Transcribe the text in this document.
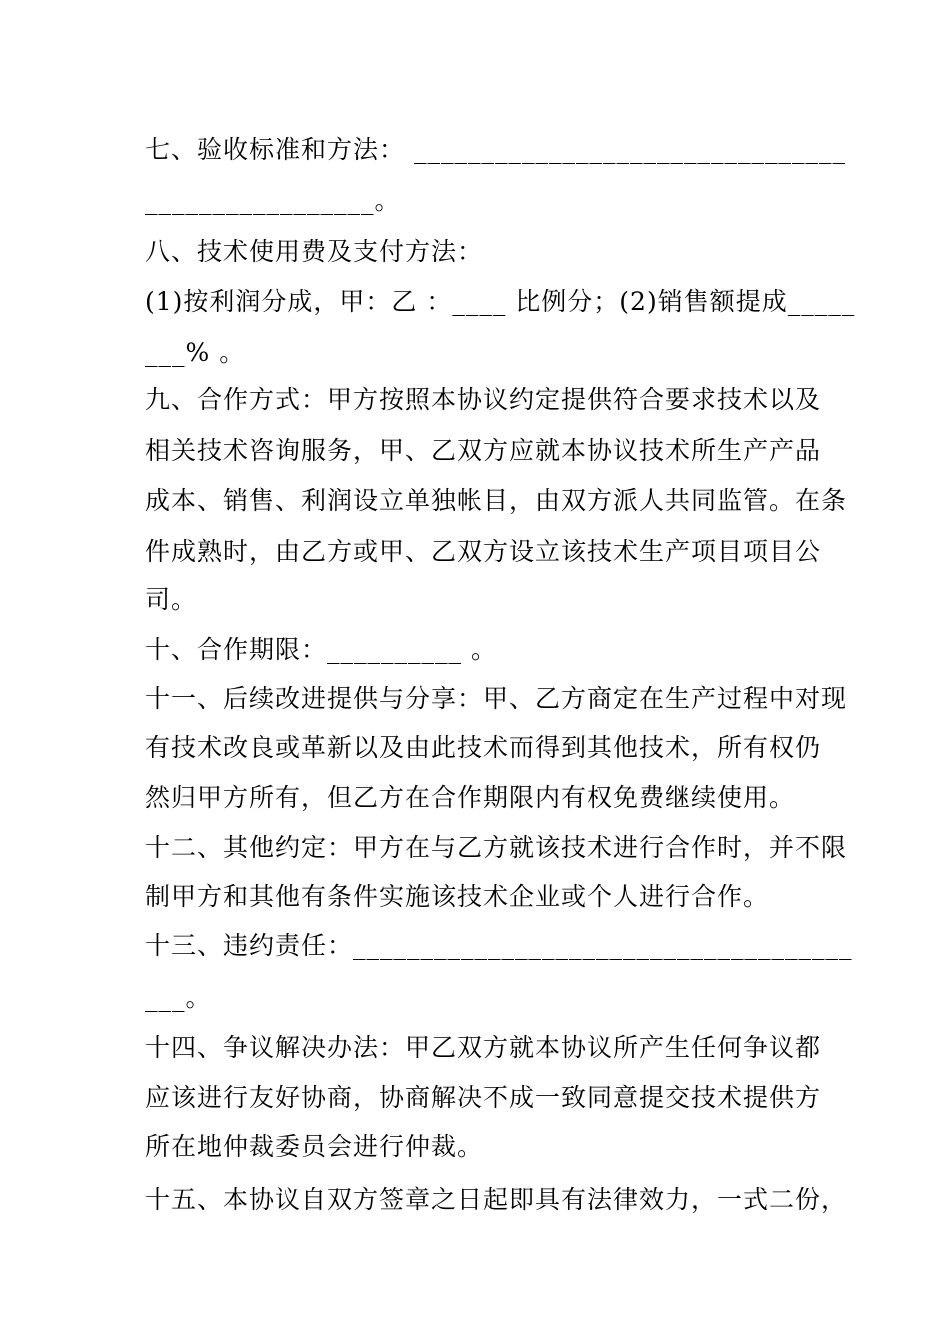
七、验收标准和方法： ________________________________
_________________。
八、技术使用费及支付方法：
(1)按利润分成，甲：乙 ：____ 比例分；(2)销售额提成_____
___% 。
九、合作方式：甲方按照本协议约定提供符合要求技术以及
相关技术咨询服务，甲、乙双方应就本协议技术所生产产品
成本、销售、利润设立单独帐目，由双方派人共同监管。在条
件成熟时，由乙方或甲、乙双方设立该技术生产项目项目公
司。
十、合作期限：__________ 。
十一、后续改进提供与分享：甲、乙方商定在生产过程中对现
有技术改良或革新以及由此技术而得到其他技术，所有权仍
然归甲方所有，但乙方在合作期限内有权免费继续使用。
十二、其他约定：甲方在与乙方就该技术进行合作时，并不限
制甲方和其他有条件实施该技术企业或个人进行合作。
十三、违约责任：_____________________________________
___。
十四、争议解决办法：甲乙双方就本协议所产生任何争议都
应该进行友好协商，协商解决不成一致同意提交技术提供方
所在地仲裁委员会进行仲裁。
十五、本协议自双方签章之日起即具有法律效力，一式二份，
